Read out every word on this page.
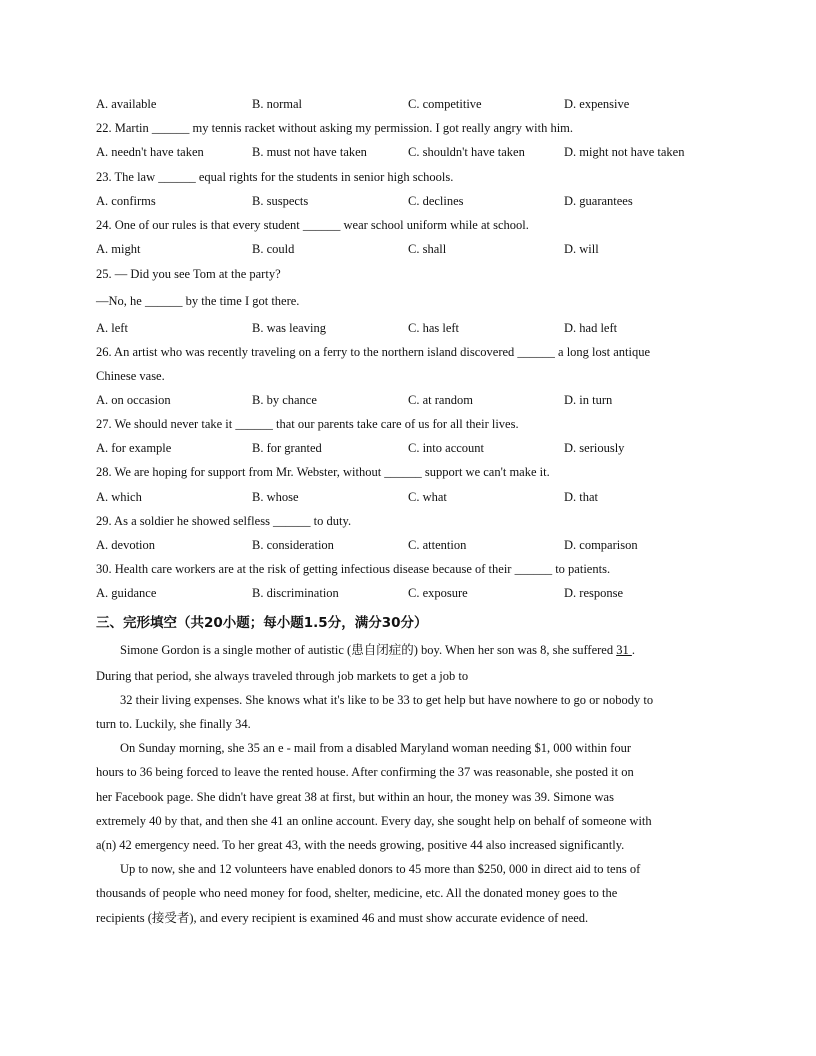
A. available	B. normal	C. competitive	D. expensive
22. Martin ______ my tennis racket without asking my permission. I got really angry with him.
A. needn't have taken	B. must not have taken	C. shouldn't have taken	D. might not have taken
23. The law ______ equal rights for the students in senior high schools.
A. confirms	B. suspects	C. declines	D. guarantees
24. One of our rules is that every student ______ wear school uniform while at school.
A. might	B. could	C. shall	D. will
25. — Did you see Tom at the party?
—No, he ______ by the time I got there.
A. left	B. was leaving	C. has left	D. had left
26. An artist who was recently traveling on a ferry to the northern island discovered ______ a long lost antique
Chinese vase.
A. on occasion	B. by chance	C. at random	D. in turn
27. We should never take it ______ that our parents take care of us for all their lives.
A. for example	B. for granted	C. into account	D. seriously
28. We are hoping for support from Mr. Webster, without ______ support we can't make it.
A. which	B. whose	C. what	D. that
29. As a soldier he showed selfless ______ to duty.
A. devotion	B. consideration	C. attention	D. comparison
30. Health care workers are at the risk of getting infectious disease because of their ______ to patients.
A. guidance	B. discrimination	C. exposure	D. response
三、完形填空（共20小题；每小题1.5分，满分30分）
Simone Gordon is a single mother of autistic (患自闭症的) boy. When her son was 8, she suffered 31 .
During that period, she always traveled through job markets to get a job to
32 their living expenses. She knows what it's like to be 33 to get help but have nowhere to go or nobody to
turn to. Luckily, she finally 34.
On Sunday morning, she 35 an e - mail from a disabled Maryland woman needing $1, 000 within four
hours to 36 being forced to leave the rented house. After confirming the 37 was reasonable, she posted it on
her Facebook page. She didn't have great 38 at first, but within an hour, the money was 39. Simone was
extremely 40 by that, and then she 41 an online account. Every day, she sought help on behalf of someone with
a(n) 42 emergency need. To her great 43, with the needs growing, positive 44 also increased significantly.
Up to now, she and 12 volunteers have enabled donors to 45 more than $250, 000 in direct aid to tens of
thousands of people who need money for food, shelter, medicine, etc. All the donated money goes to the
recipients (接受者), and every recipient is examined 46 and must show accurate evidence of need.
